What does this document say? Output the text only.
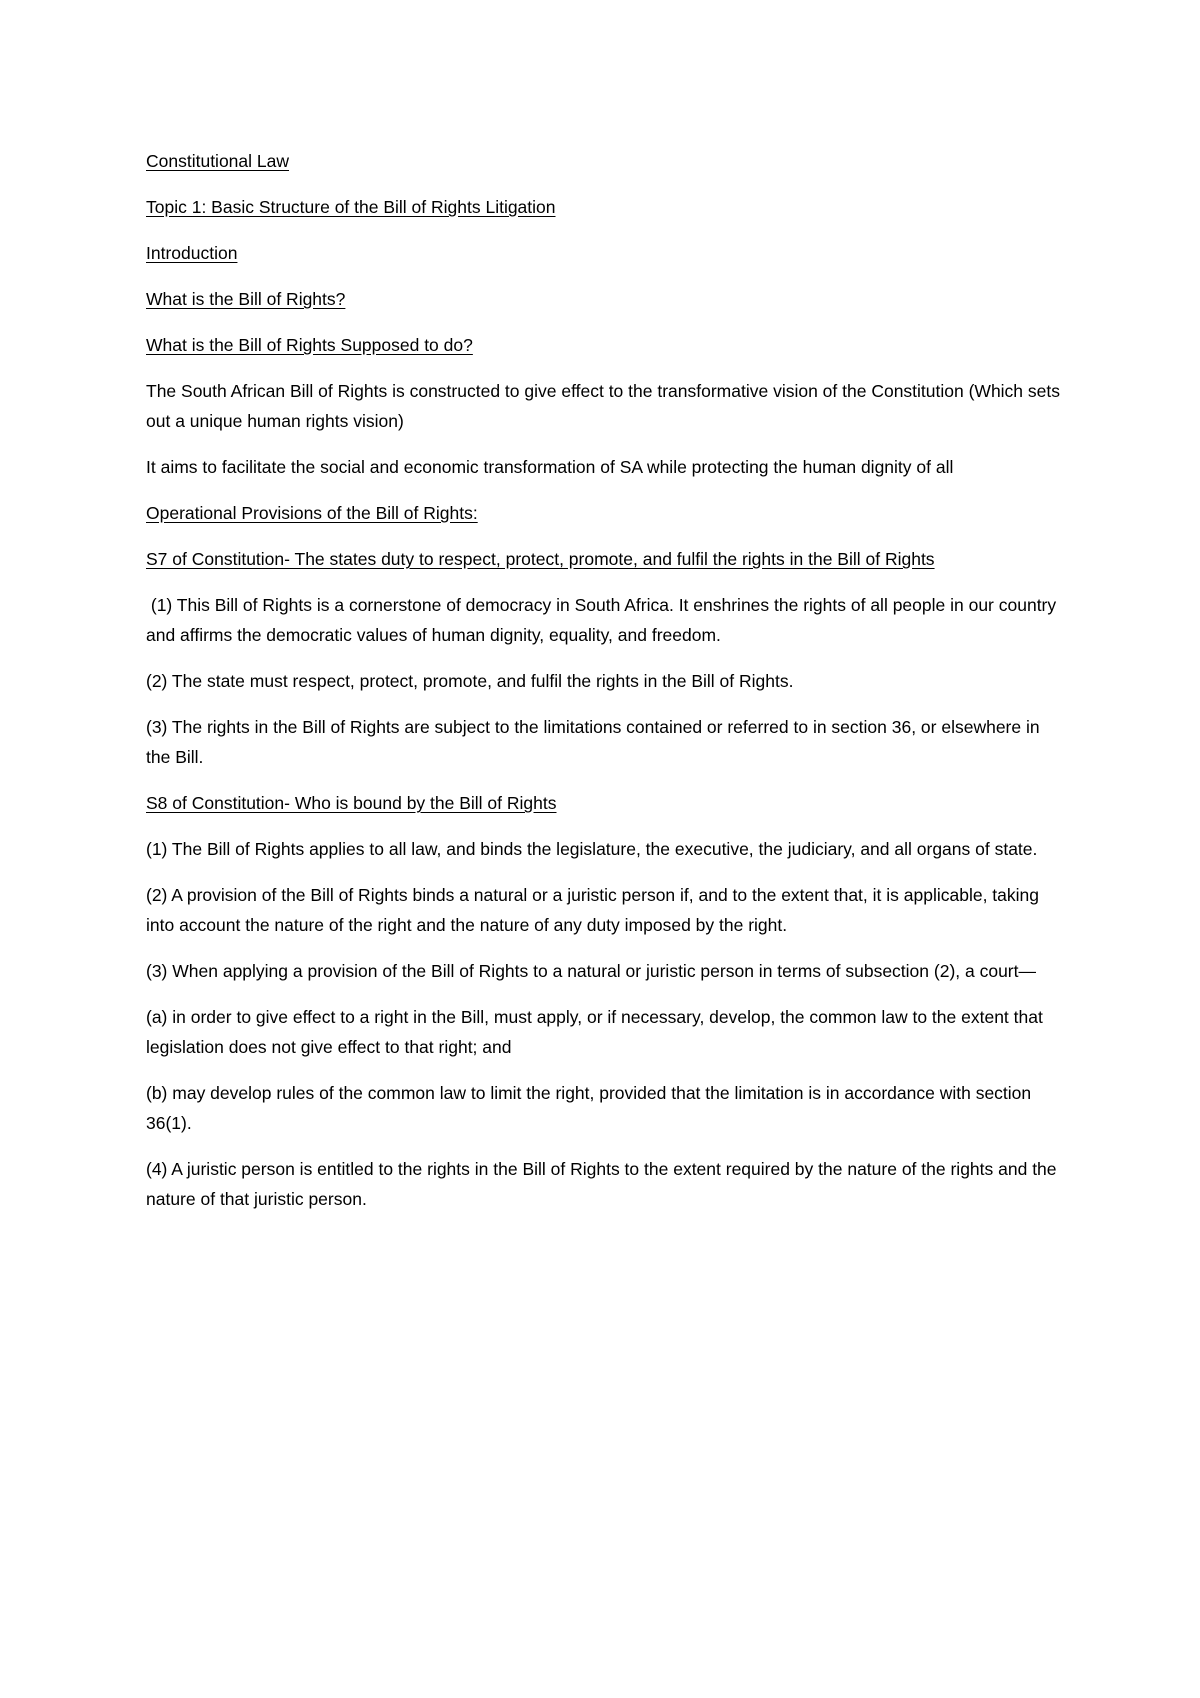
Constitutional Law

Topic 1: Basic Structure of the Bill of Rights Litigation

Introduction

What is the Bill of Rights?

What is the Bill of Rights Supposed to do?

The South African Bill of Rights is constructed to give effect to the transformative vision of the Constitution (Which sets out a unique human rights vision)

It aims to facilitate the social and economic transformation of SA while protecting the human dignity of all

Operational Provisions of the Bill of Rights:

S7 of Constitution- The states duty to respect, protect, promote, and fulfil the rights in the Bill of Rights

(1) This Bill of Rights is a cornerstone of democracy in South Africa. It enshrines the rights of all people in our country and affirms the democratic values of human dignity, equality, and freedom.

(2) The state must respect, protect, promote, and fulfil the rights in the Bill of Rights.

(3) The rights in the Bill of Rights are subject to the limitations contained or referred to in section 36, or elsewhere in the Bill.

S8 of Constitution- Who is bound by the Bill of Rights

(1) The Bill of Rights applies to all law, and binds the legislature, the executive, the judiciary, and all organs of state.

(2) A provision of the Bill of Rights binds a natural or a juristic person if, and to the extent that, it is applicable, taking into account the nature of the right and the nature of any duty imposed by the right.

(3) When applying a provision of the Bill of Rights to a natural or juristic person in terms of subsection (2), a court—

(a) in order to give effect to a right in the Bill, must apply, or if necessary, develop, the common law to the extent that legislation does not give effect to that right; and

(b) may develop rules of the common law to limit the right, provided that the limitation is in accordance with section 36(1).

(4) A juristic person is entitled to the rights in the Bill of Rights to the extent required by the nature of the rights and the nature of that juristic person.
